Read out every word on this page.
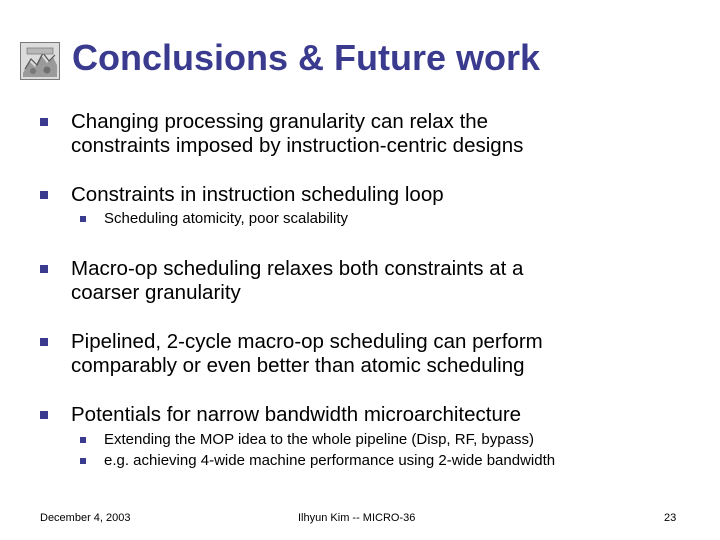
Conclusions & Future work
Changing processing granularity can relax the
constraints imposed by instruction-centric designs
Constraints in instruction scheduling loop
Scheduling atomicity, poor scalability
Macro-op scheduling relaxes both constraints at a
coarser granularity
Pipelined, 2-cycle macro-op scheduling can perform
comparably or even better than atomic scheduling
Potentials for narrow bandwidth microarchitecture
Extending the MOP idea to the whole pipeline (Disp, RF, bypass)
e.g. achieving 4-wide machine performance using 2-wide bandwidth
December 4, 2003	Ilhyun Kim -- MICRO-36	23
